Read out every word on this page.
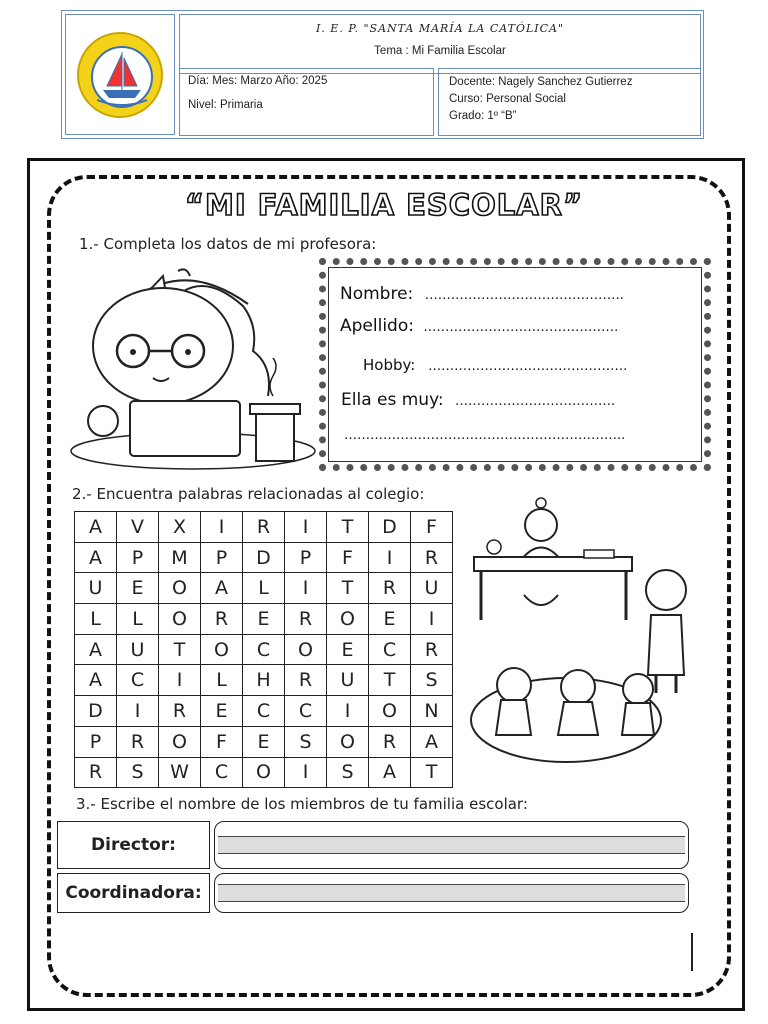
I. E. P. "SANTA MARÍA LA CATÓLICA"
Tema : Mi Familia Escolar
Día: Mes: Marzo Año: 2025
Nivel: Primaria
Docente: Nagely Sanchez Gutierrez
Curso: Personal Social
Grado: 1º “B”
“MI FAMILIA ESCOLAR”
1.- Completa los datos de mi profesora:
Nombre: ……………………………………….
Apellido: ………………………………………
Hobby: ……………………………………….
Ella es muy: ……………………………….
………………………………………………………..
2.- Encuentra palabras relacionadas al colegio:
A	V	X	I	R	I	T	D	F
A	P	M	P	D	P	F	I	R
U	E	O	A	L	I	T	R	U
L	L	O	R	E	R	O	E	I
A	U	T	O	C	O	E	C	R
A	C	I	L	H	R	U	T	S
D	I	R	E	C	C	I	O	N
P	R	O	F	E	S	O	R	A
R	S	W	C	O	I	S	A	T
3.- Escribe el nombre de los miembros de tu familia escolar:
Director:
Coordinadora:
